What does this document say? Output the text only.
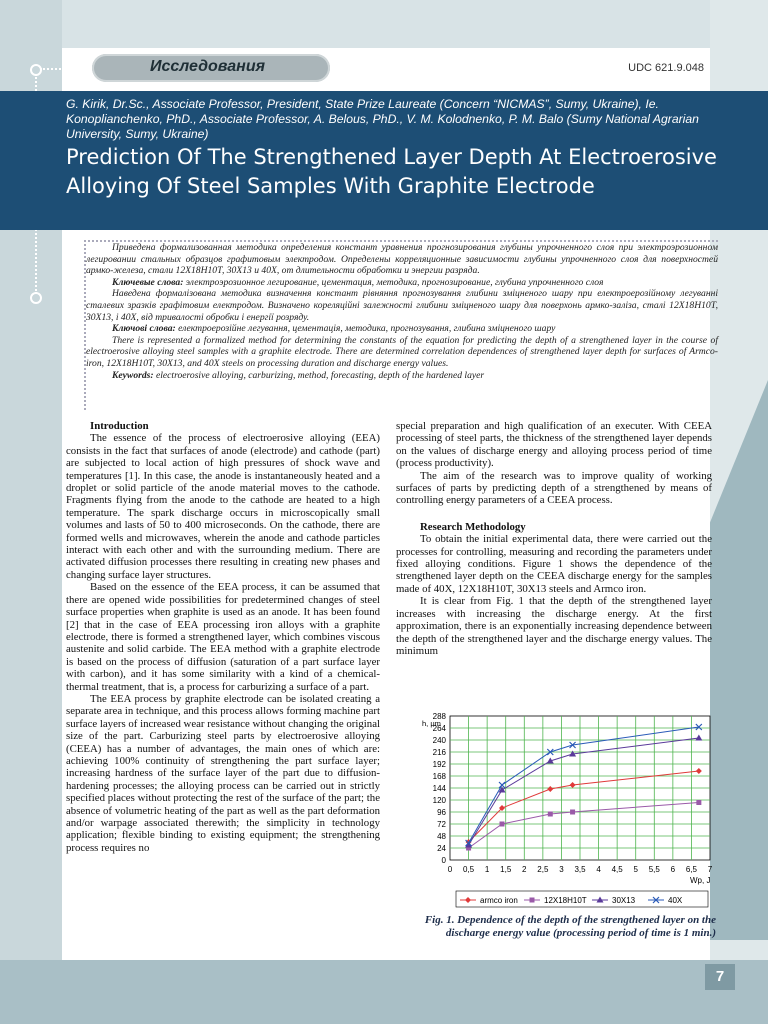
Исследования	UDC 621.9.048
G. Kirik, Dr.Sc., Associate Professor, President, State Prize Laureate (Concern “NICMAS”, Sumy, Ukraine), Ie. Konoplianchenko, PhD., Associate Professor, A. Belous, PhD., V. M. Kolodnenko, P. M. Balo (Sumy National Agrarian University, Sumy, Ukraine)
Prediction Of The Strengthened Layer Depth At Electroerosive Alloying Of Steel Samples With Graphite Electrode

Приведена формализованная методика определения констант уравнения прогнозирования глубины упрочненного слоя при электроэрозионном легировании стальных образцов графитовым электродом. Определены корреляционные зависимости глубины упрочненного слоя для поверхностей армко-железа, стали 12Х18Н10Т, 30Х13 и 40Х, от длительности обработки и энергии разряда.

Ключевые слова: электроэрозионное легирование, цементация, методика, прогнозирование, глубина упрочненного слоя

Наведена формалізована методика визначення констант рівняння прогнозування глибини зміцненого шару при електроерозійному легуванні сталевих зразків графітовим електродом. Визначено кореляційні залежності глибини зміцненого шару для поверхонь армко-заліза, сталі 12Х18Н10Т, 30Х13, і 40Х, від тривалості обробки і енергії розряду.

Ключові слова: електроерозійне легування, цементація, методика, прогнозування, глибина зміцненого шару

There is represented a formalized method for determining the constants of the equation for predicting the depth of a strengthened layer in the course of electroerosive alloying steel samples with a graphite electrode. There are determined correlation dependences of strengthened layer depth for surfaces of Armco-iron, 12X18H10T, 30X13, and 40X steels on processing duration and discharge energy values.

Keywords: electroerosive alloying, carburizing, method, forecasting, depth of the hardened layer

Introduction

The essence of the process of electroerosive alloying (EEA) consists in the fact that surfaces of anode (electrode) and cathode (part) are subjected to local action of high pressures of shock wave and temperatures [1]. In this case, the anode is instantaneously heated and a droplet or solid particle of the anode material moves to the cathode. Fragments flying from the anode to the cathode are heated to a high temperature. The spark discharge occurs in microscopically small volumes and lasts of 50 to 400 microseconds. On the cathode, there are formed wells and microwaves, wherein the anode and cathode particles interact with each other and with the surrounding medium. There are activated diffusion processes there resulting in creating new phases and changing surface layer structures.

Based on the essence of the EEA process, it can be assumed that there are opened wide possibilities for predetermined changes of steel surface properties when graphite is used as an anode. It has been found [2] that in the case of EEA processing iron alloys with a graphite electrode, there is formed a strengthened layer, which combines viscous austenite and solid carbide. The EEA method with a graphite electrode is based on the process of diffusion (saturation of a part surface layer with carbon), and it has some similarity with a kind of a chemical-thermal treatment, that is, a process for carburizing a surface of a part.

The EEA process by graphite electrode can be isolated creating a separate area in technique, and this process allows forming machine part surface layers of increased wear resistance without changing the original size of the part. Carburizing steel parts by electroerosive alloying (CEEA) has a number of advantages, the main ones of which are: achieving 100% continuity of strengthening the part surface layer; increasing hardness of the surface layer of the part due to diffusion-hardening processes; the alloying process can be carried out in strictly specified places without protecting the rest of the surface of the part; the absence of volumetric heating of the part as well as the part deformation and/or warpage associated therewith; the simplicity in technology application; flexible binding to existing equipment; the strengthening process requires no

special preparation and high qualification of an executer. With CEEA processing of steel parts, the thickness of the strengthened layer depends on the values of discharge energy and alloying process period of time (process productivity).

The aim of the research was to improve quality of working surfaces of parts by predicting depth of a strengthened by means of controlling energy parameters of a CEEA process.

Research Methodology

To obtain the initial experimental data, there were carried out the processes for controlling, measuring and recording the parameters under fixed alloying conditions. Figure 1 shows the dependence of the strengthened layer depth on the CEEA discharge energy for the samples made of 40X, 12X18H10T, 30X13 steels and Armco iron.

It is clear from Fig. 1 that the depth of the strengthened layer increases with increasing the discharge energy. At the first approximation, there is an exponentially increasing dependence between the depth of the strengthened layer and the discharge energy values. The minimum

0
24
48
72
96
120
144
168
192
216
240
264
288
0 0,5 1 1,5 2 2,5 3 3,5 4 4,5 5 5,5 6 6,5 7
h, μm
Wp, J
armco iron	12X18H10T	30X13	40X
Fig. 1. Dependence of the depth of the strengthened layer on the discharge energy value (processing period of time is 1 min.)
7
